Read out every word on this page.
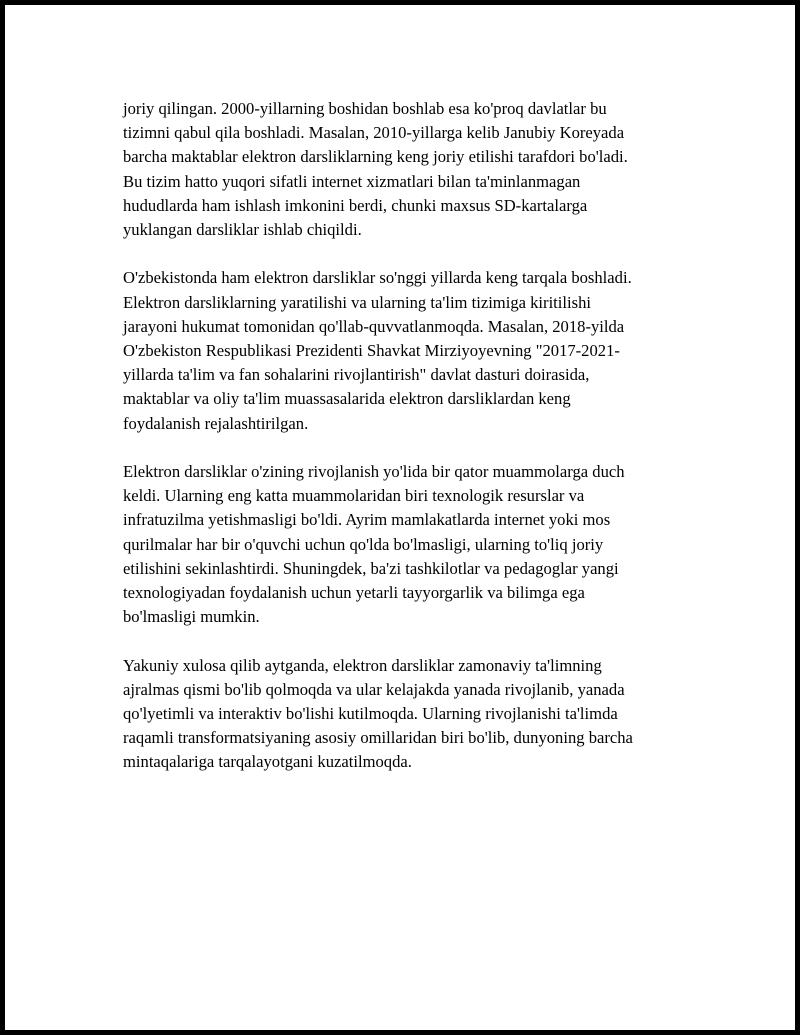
joriy qilingan. 2000-yillarning boshidan boshlab esa ko'proq davlatlar bu
tizimni qabul qila boshladi. Masalan, 2010-yillarga kelib Janubiy Koreyada
barcha maktablar elektron darsliklarning keng joriy etilishi tarafdori bo'ladi.
Bu tizim hatto yuqori sifatli internet xizmatlari bilan ta'minlanmagan
hududlarda ham ishlash imkonini berdi, chunki maxsus SD-kartalarga
yuklangan darsliklar ishlab chiqildi.

O'zbekistonda ham elektron darsliklar so'nggi yillarda keng tarqala boshladi.
Elektron darsliklarning yaratilishi va ularning ta'lim tizimiga kiritilishi
jarayoni hukumat tomonidan qo'llab-quvvatlanmoqda. Masalan, 2018-yilda
O'zbekiston Respublikasi Prezidenti Shavkat Mirziyoyevning "2017-2021-
yillarda ta'lim va fan sohalarini rivojlantirish" davlat dasturi doirasida,
maktablar va oliy ta'lim muassasalarida elektron darsliklardan keng
foydalanish rejalashtirilgan.

Elektron darsliklar o'zining rivojlanish yo'lida bir qator muammolarga duch
keldi. Ularning eng katta muammolaridan biri texnologik resurslar va
infratuzilma yetishmasligi bo'ldi. Ayrim mamlakatlarda internet yoki mos
qurilmalar har bir o'quvchi uchun qo'lda bo'lmasligi, ularning to'liq joriy
etilishini sekinlashtirdi. Shuningdek, ba'zi tashkilotlar va pedagoglar yangi
texnologiyadan foydalanish uchun yetarli tayyorgarlik va bilimga ega
bo'lmasligi mumkin.

Yakuniy xulosa qilib aytganda, elektron darsliklar zamonaviy ta'limning
ajralmas qismi bo'lib qolmoqda va ular kelajakda yanada rivojlanib, yanada
qo'lyetimli va interaktiv bo'lishi kutilmoqda. Ularning rivojlanishi ta'limda
raqamli transformatsiyaning asosiy omillaridan biri bo'lib, dunyoning barcha
mintaqalariga tarqalayotgani kuzatilmoqda.
